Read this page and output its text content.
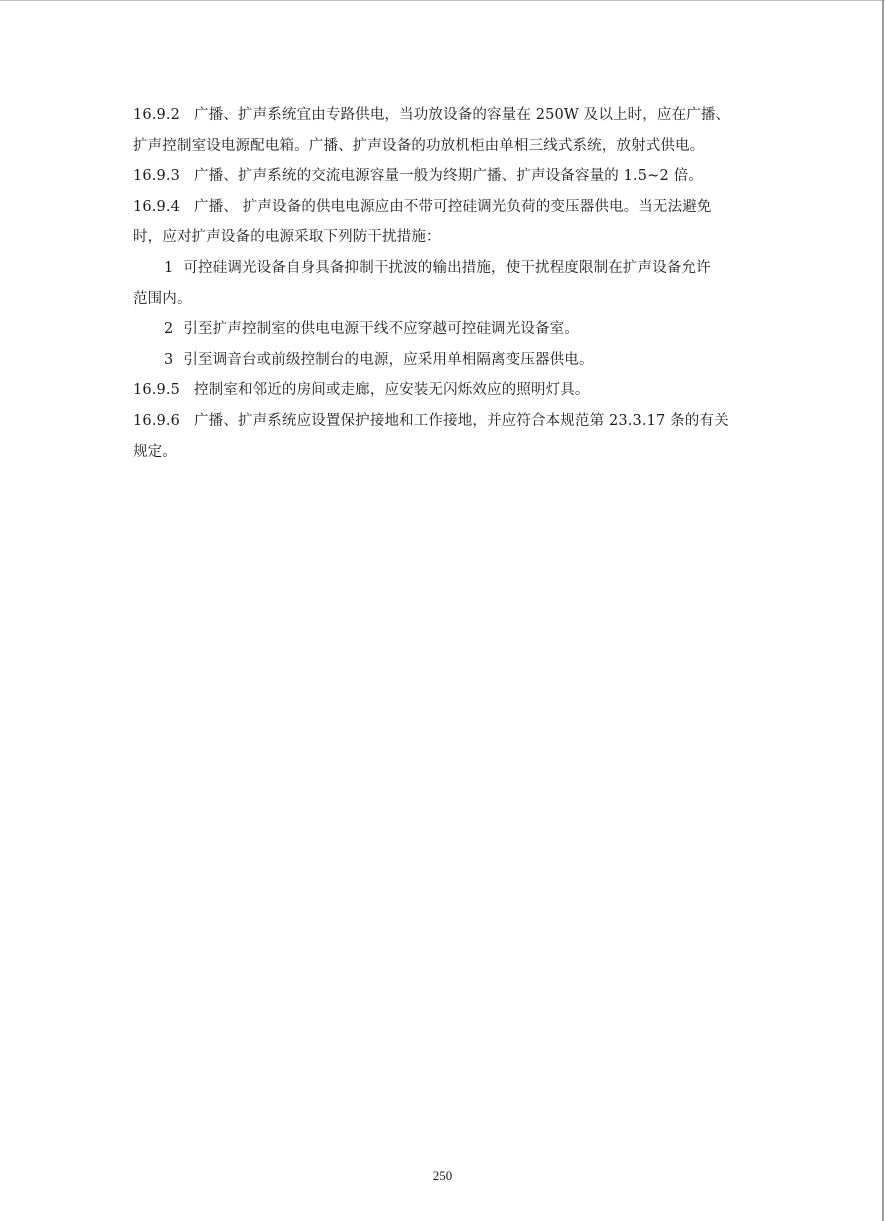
16.9.2 广播、扩声系统宜由专路供电，当功放设备的容量在 250W 及以上时，应在广播、

扩声控制室设电源配电箱。广播、扩声设备的功放机柜由单相三线式系统，放射式供电。

16.9.3 广播、扩声系统的交流电源容量一般为终期广播、扩声设备容量的 1.5~2 倍。

16.9.4 广播、 扩声设备的供电电源应由不带可控硅调光负荷的变压器供电。当无法避免

时，应对扩声设备的电源采取下列防干扰措施：

1 可控硅调光设备自身具备抑制干扰波的输出措施，使干扰程度限制在扩声设备允许

范围内。

2 引至扩声控制室的供电电源干线不应穿越可控硅调光设备室。

3 引至调音台或前级控制台的电源，应采用单相隔离变压器供电。

16.9.5 控制室和邻近的房间或走廊，应安装无闪烁效应的照明灯具。

16.9.6 广播、扩声系统应设置保护接地和工作接地，并应符合本规范第 23.3.17 条的有关

规定。

250
